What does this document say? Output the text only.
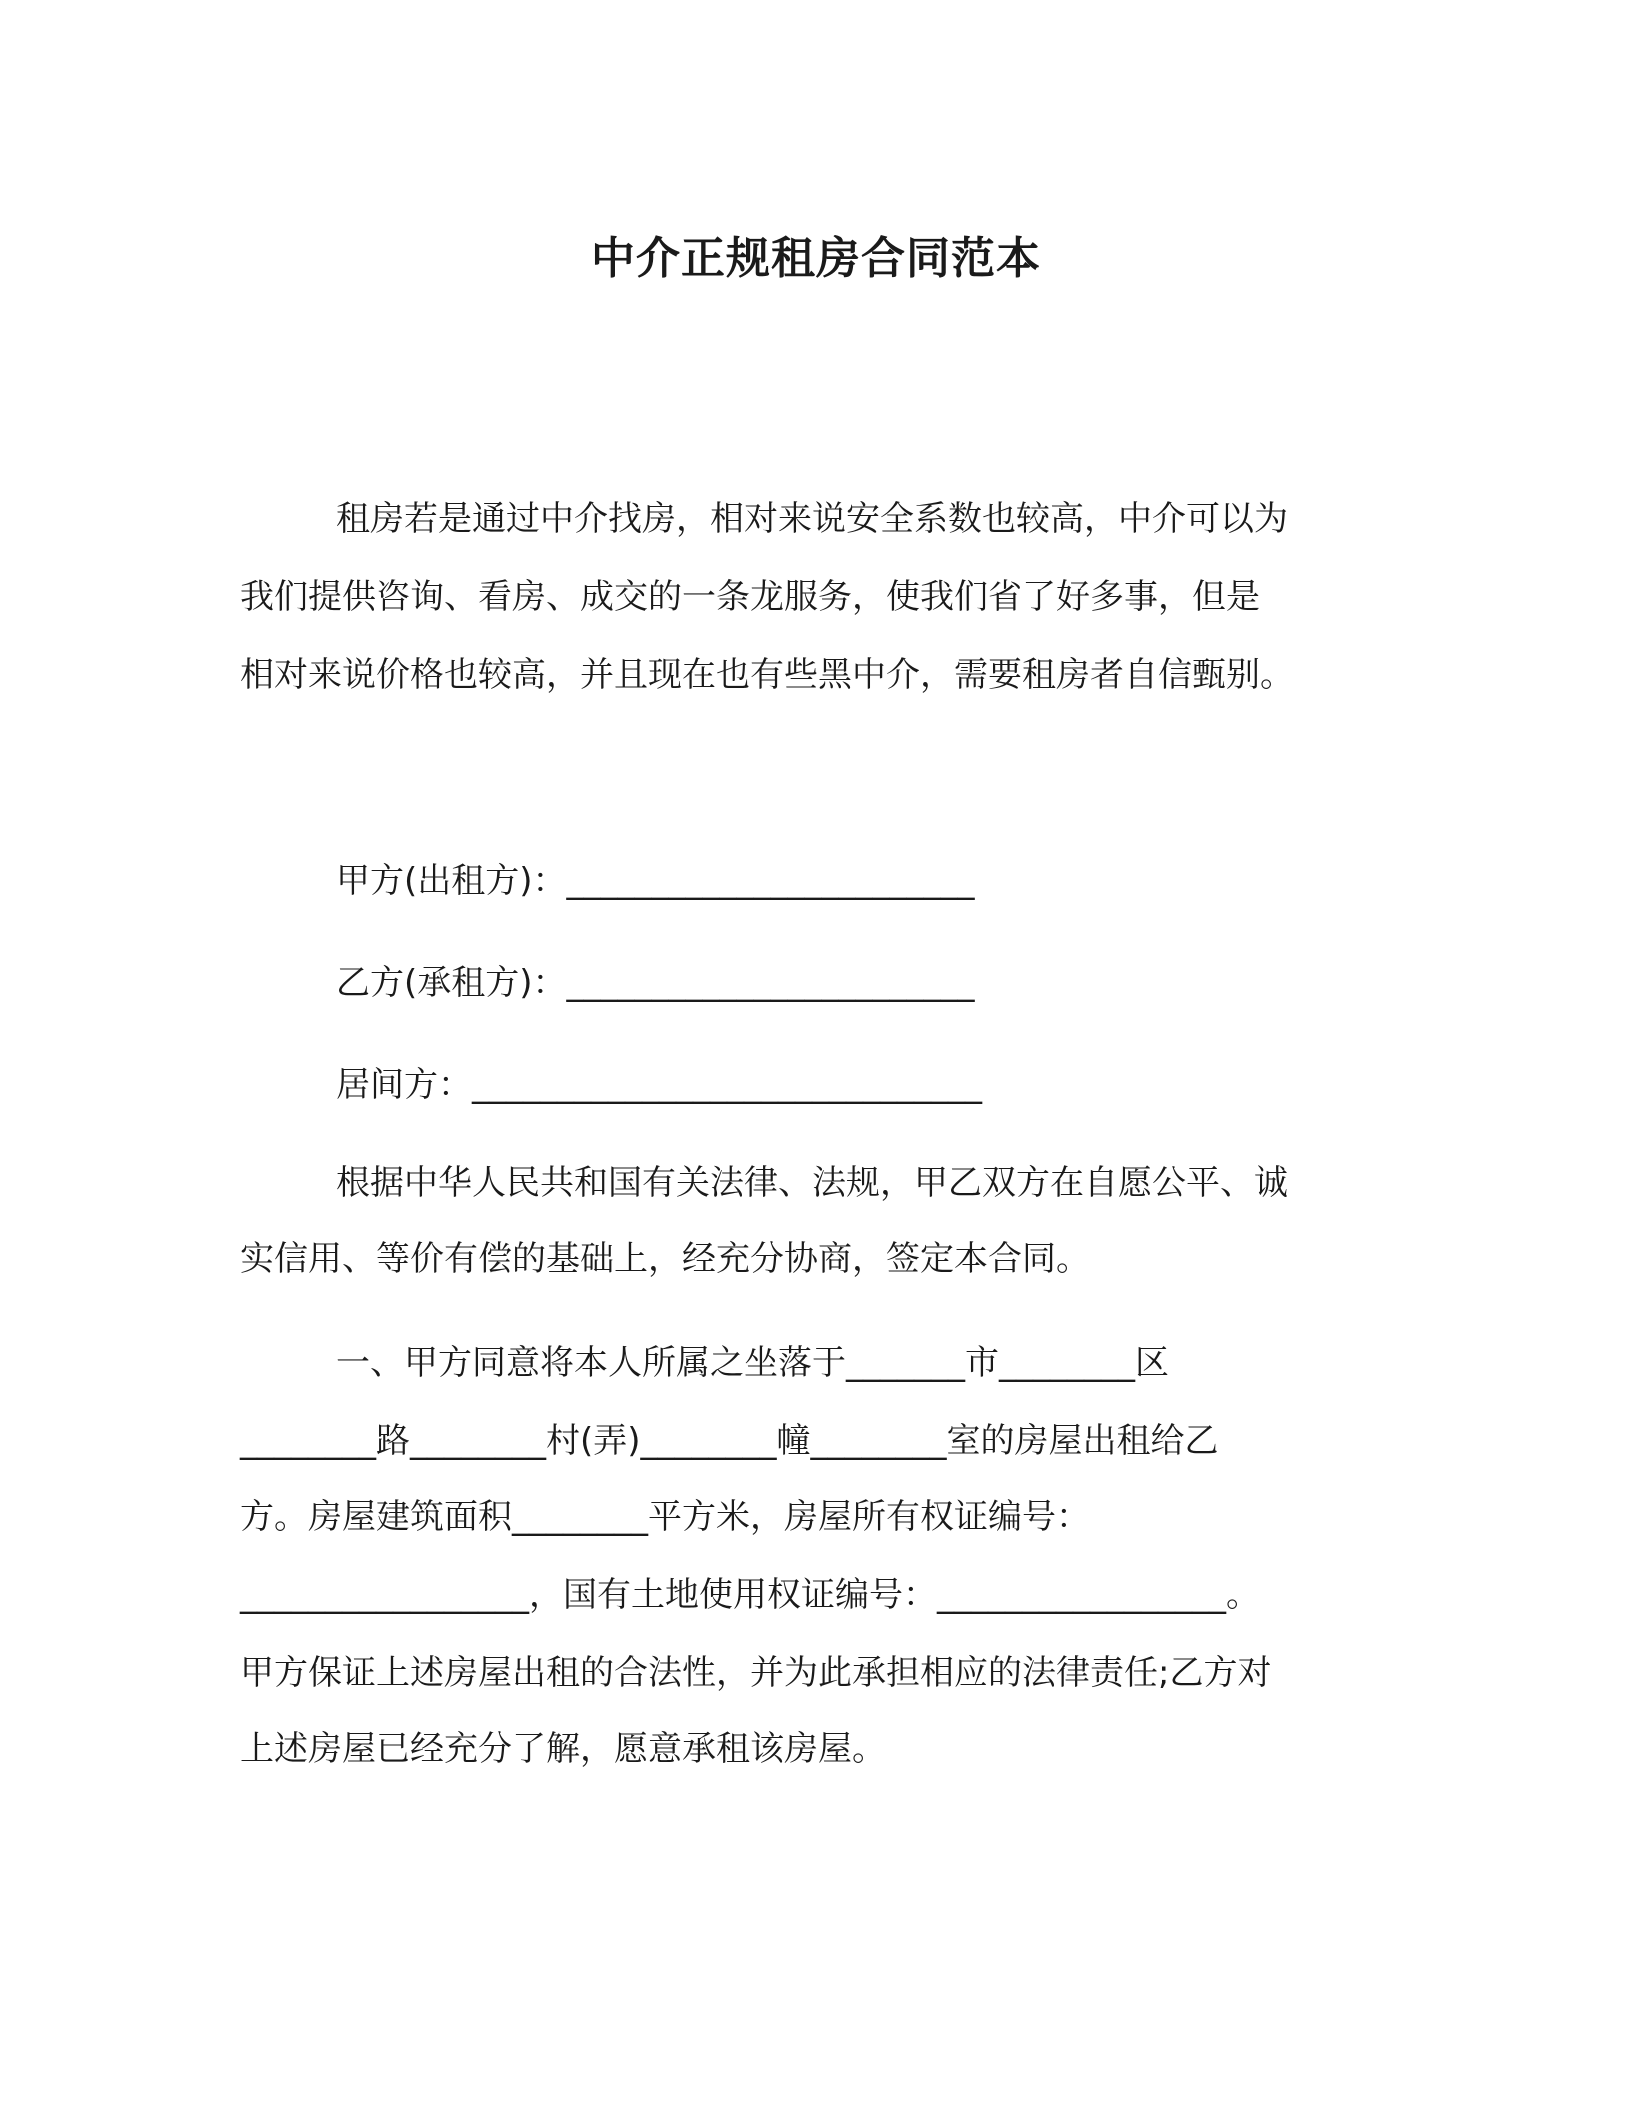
中介正规租房合同范本
租房若是通过中介找房，相对来说安全系数也较高，中介可以为
我们提供咨询、看房、成交的一条龙服务，使我们省了好多事，但是
相对来说价格也较高，并且现在也有些黑中介，需要租房者自信甄别。
甲方(出租方)：________________________
乙方(承租方)：________________________
居间方：______________________________
根据中华人民共和国有关法律、法规，甲乙双方在自愿公平、诚
实信用、等价有偿的基础上，经充分协商，签定本合同。
一、甲方同意将本人所属之坐落于_______市________区
________路________村(弄)________幢________室的房屋出租给乙
方。房屋建筑面积________平方米，房屋所有权证编号：
_________________，国有土地使用权证编号：_________________。
甲方保证上述房屋出租的合法性，并为此承担相应的法律责任;乙方对
上述房屋已经充分了解，愿意承租该房屋。
